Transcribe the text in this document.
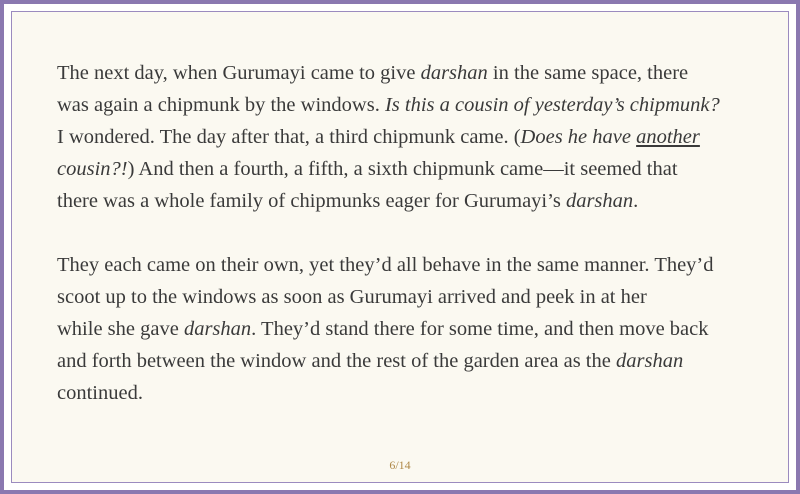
The next day, when Gurumayi came to give darshan in the same space, there
was again a chipmunk by the windows. Is this a cousin of yesterday’s chipmunk?
I wondered. The day after that, a third chipmunk came. (Does he have another
cousin?!) And then a fourth, a fifth, a sixth chipmunk came—it seemed that
there was a whole family of chipmunks eager for Gurumayi’s darshan.

They each came on their own, yet they’d all behave in the same manner. They’d
scoot up to the windows as soon as Gurumayi arrived and peek in at her
while she gave darshan. They’d stand there for some time, and then move back
and forth between the window and the rest of the garden area as the darshan
continued.

6/14
